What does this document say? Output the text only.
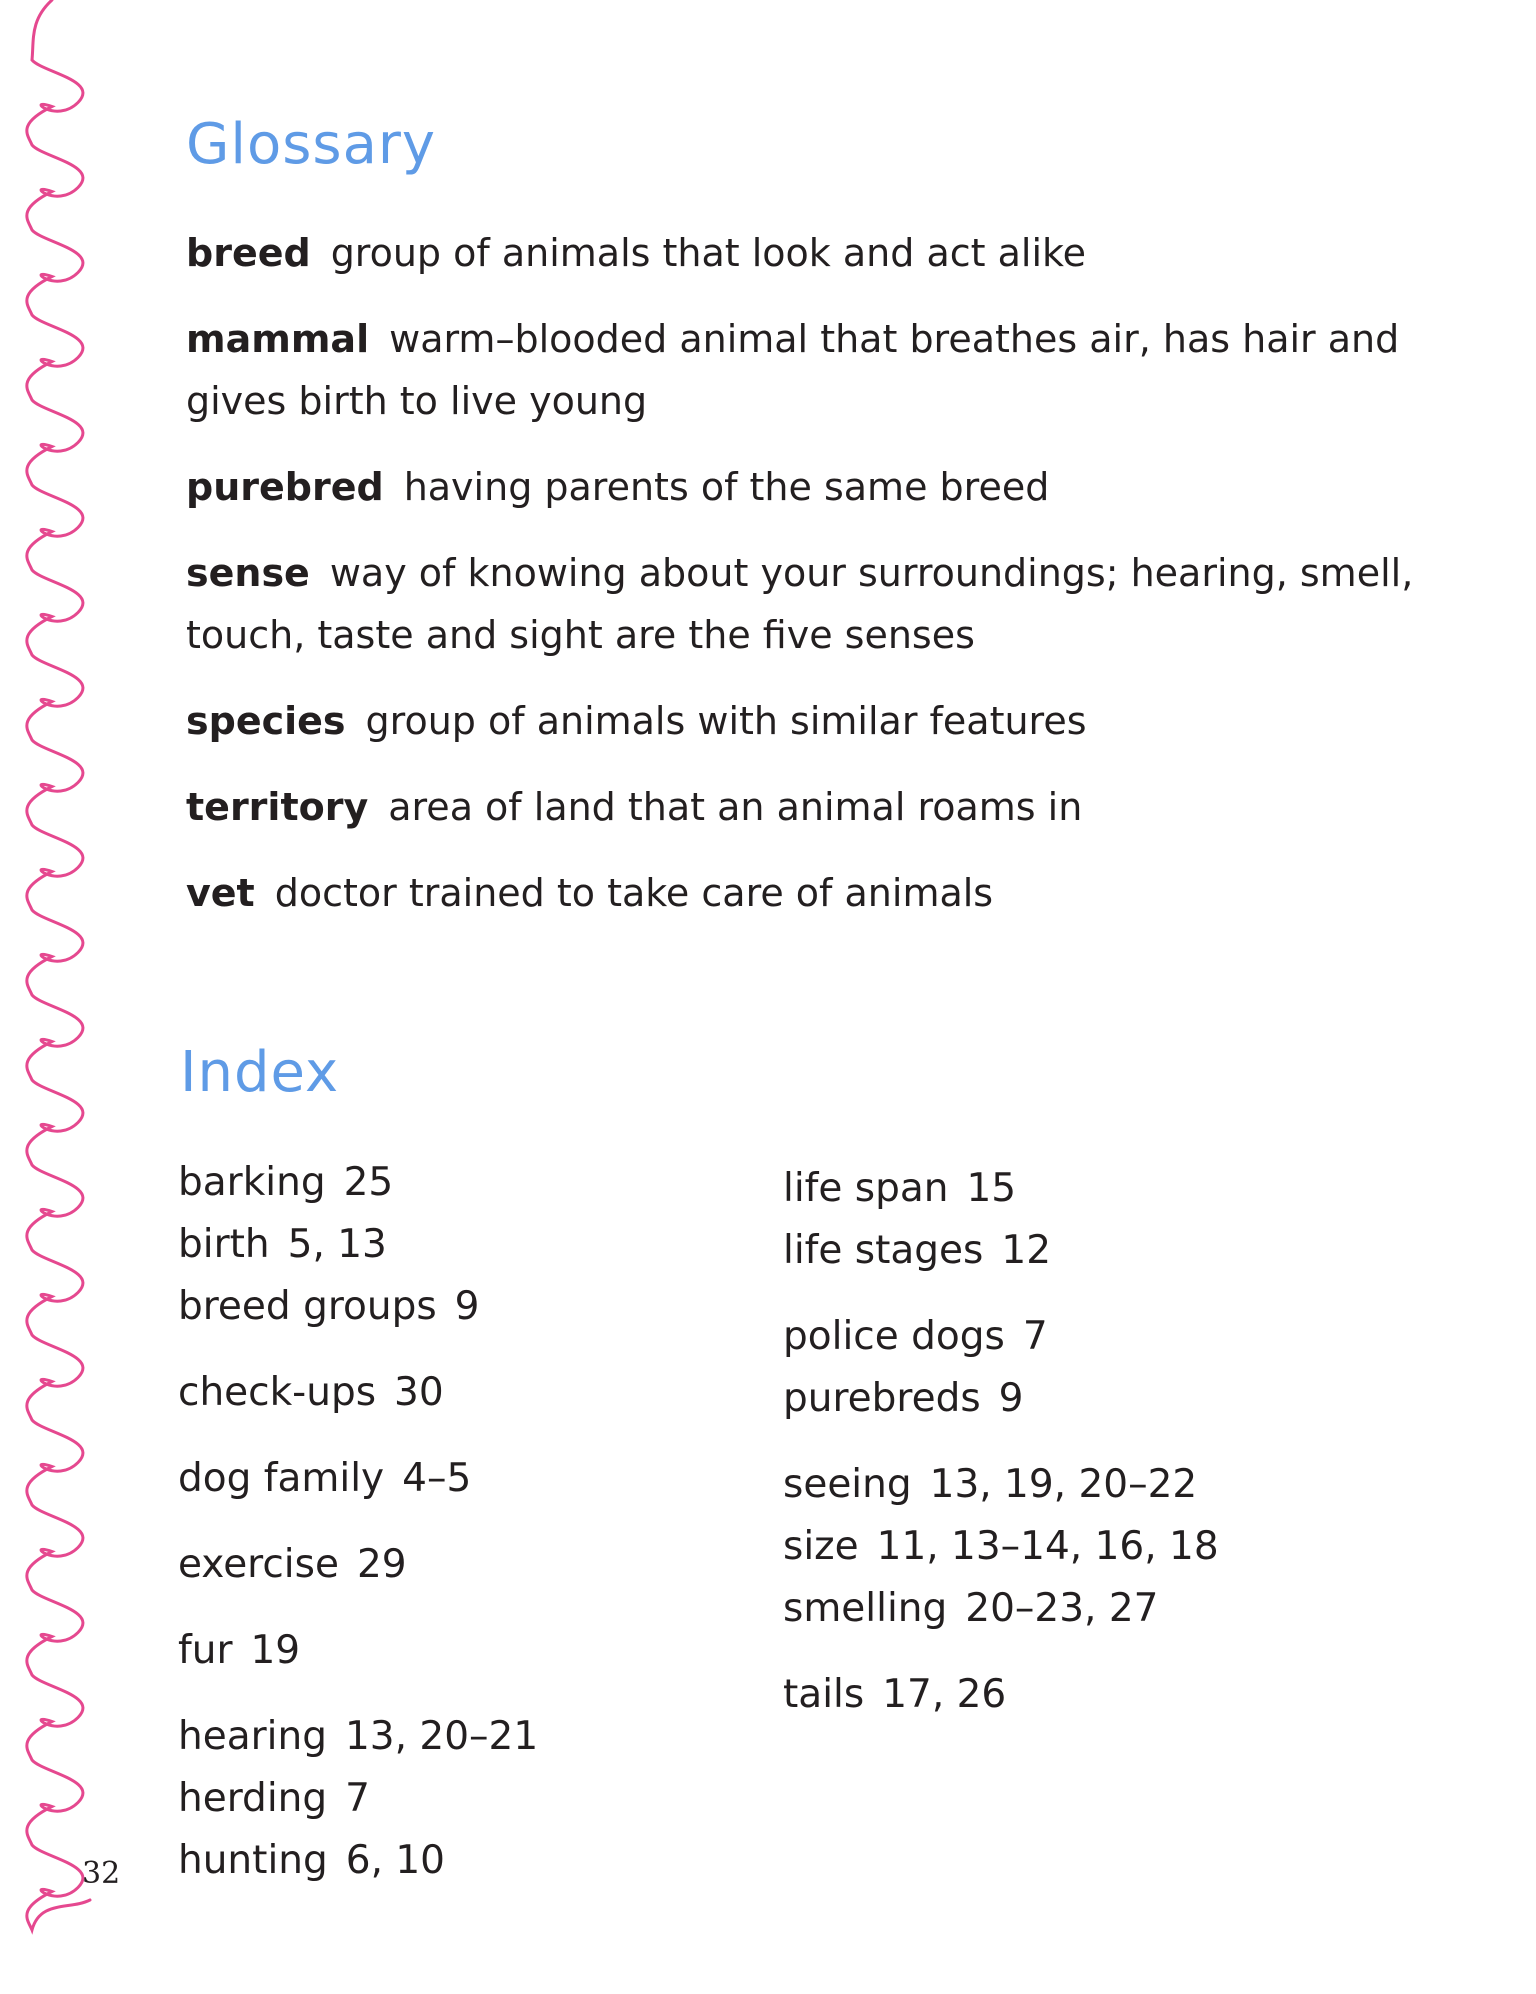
Glossary
breed group of animals that look and act alike
mammal warm–blooded animal that breathes air, has hair and gives birth to live young
purebred having parents of the same breed
sense way of knowing about your surroundings; hearing, smell, touch, taste and sight are the five senses
species group of animals with similar features
territory area of land that an animal roams in
vet doctor trained to take care of animals
Index
barking 25
birth 5, 13
breed groups 9
check-ups 30
dog family 4–5
exercise 29
fur 19
hearing 13, 20–21
herding 7
hunting 6, 10
life span 15
life stages 12
police dogs 7
purebreds 9
seeing 13, 19, 20–22
size 11, 13–14, 16, 18
smelling 20–23, 27
tails 17, 26
32
